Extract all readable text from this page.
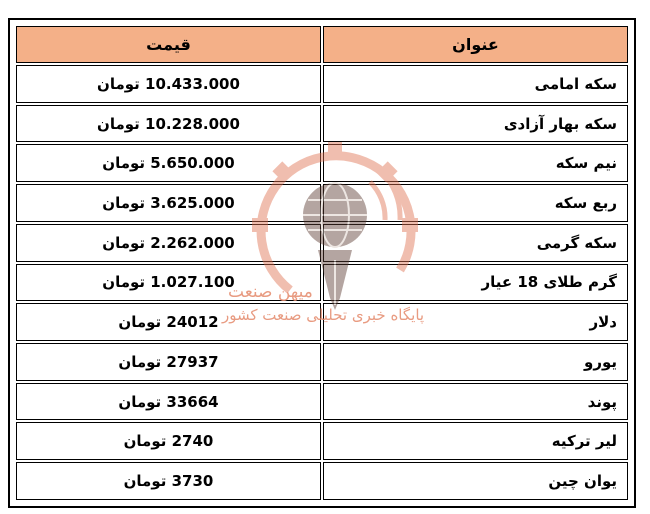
عنوان	قیمت
سکه امامی	10.433.000 تومان
سکه بهار آزادی	10.228.000 تومان
نیم سکه	5.650.000 تومان
ربع سکه	3.625.000 تومان
سکه گرمی	2.262.000 تومان
گرم طلای 18 عیار	1.027.100 تومان
دلار	24012 تومان
یورو	27937 تومان
پوند	33664 تومان
لیر ترکیه	2740 تومان
یوان چین	3730 تومان
میهن صنعت
پایگاه خبری تحلیلی صنعت کشور
